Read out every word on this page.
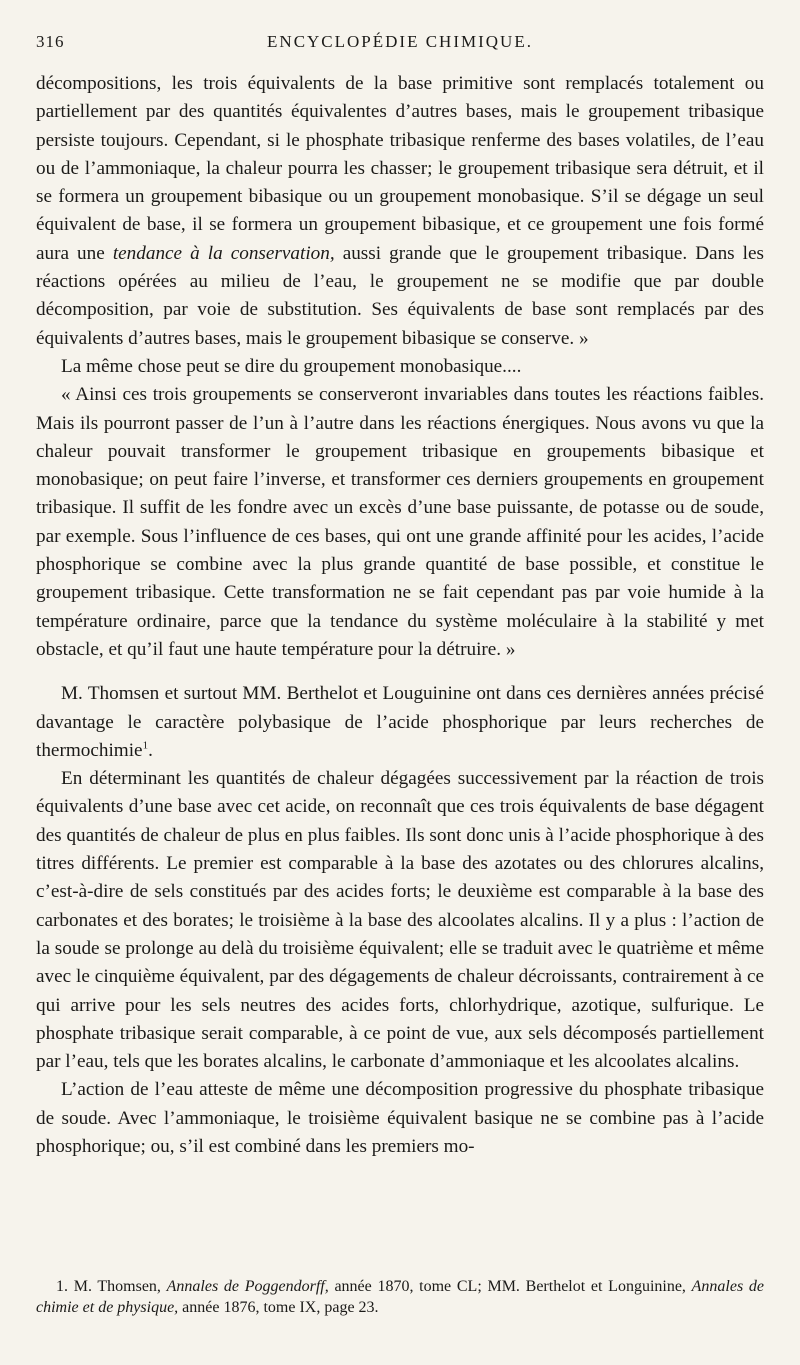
316	ENCYCLOPÉDIE CHIMIQUE.

décompositions, les trois équivalents de la base primitive sont remplacés totalement ou partiellement par des quantités équivalentes d’autres bases, mais le groupement tribasique persiste toujours. Cependant, si le phosphate tribasique renferme des bases volatiles, de l’eau ou de l’ammoniaque, la chaleur pourra les chasser; le groupement tribasique sera détruit, et il se formera un groupement bibasique ou un groupement monobasique. S’il se dégage un seul équivalent de base, il se formera un groupement bibasique, et ce groupement une fois formé aura une tendance à la conservation, aussi grande que le groupement tribasique. Dans les réactions opérées au milieu de l’eau, le groupement ne se modifie que par double décomposition, par voie de substitution. Ses équivalents de base sont remplacés par des équivalents d’autres bases, mais le groupement bibasique se conserve. »

La même chose peut se dire du groupement monobasique....

« Ainsi ces trois groupements se conserveront invariables dans toutes les réactions faibles. Mais ils pourront passer de l’un à l’autre dans les réactions énergiques. Nous avons vu que la chaleur pouvait transformer le groupement tribasique en groupements bibasique et monobasique; on peut faire l’inverse, et transformer ces derniers groupements en groupement tribasique. Il suffit de les fondre avec un excès d’une base puissante, de potasse ou de soude, par exemple. Sous l’influence de ces bases, qui ont une grande affinité pour les acides, l’acide phosphorique se combine avec la plus grande quantité de base possible, et constitue le groupement tribasique. Cette transformation ne se fait cependant pas par voie humide à la température ordinaire, parce que la tendance du système moléculaire à la stabilité y met obstacle, et qu’il faut une haute température pour la détruire. »

M. Thomsen et surtout MM. Berthelot et Louguinine ont dans ces dernières années précisé davantage le caractère polybasique de l’acide phosphorique par leurs recherches de thermochimie$^1$.

En déterminant les quantités de chaleur dégagées successivement par la réaction de trois équivalents d’une base avec cet acide, on reconnaît que ces trois équivalents de base dégagent des quantités de chaleur de plus en plus faibles. Ils sont donc unis à l’acide phosphorique à des titres différents. Le premier est comparable à la base des azotates ou des chlorures alcalins, c’est-à-dire de sels constitués par des acides forts; le deuxième est comparable à la base des carbonates et des borates; le troisième à la base des alcoolates alcalins. Il y a plus : l’action de la soude se prolonge au delà du troisième équivalent; elle se traduit avec le quatrième et même avec le cinquième équivalent, par des dégagements de chaleur décroissants, contrairement à ce qui arrive pour les sels neutres des acides forts, chlorhydrique, azotique, sulfurique. Le phosphate tribasique serait comparable, à ce point de vue, aux sels décomposés partiellement par l’eau, tels que les borates alcalins, le carbonate d’ammoniaque et les alcoolates alcalins.

L’action de l’eau atteste de même une décomposition progressive du phosphate tribasique de soude. Avec l’ammoniaque, le troisième équivalent basique ne se combine pas à l’acide phosphorique; ou, s’il est combiné dans les premiers mo-

1. M. Thomsen, Annales de Poggendorff, année 1870, tome CL; MM. Berthelot et Longuinine, Annales de chimie et de physique, année 1876, tome IX, page 23.
